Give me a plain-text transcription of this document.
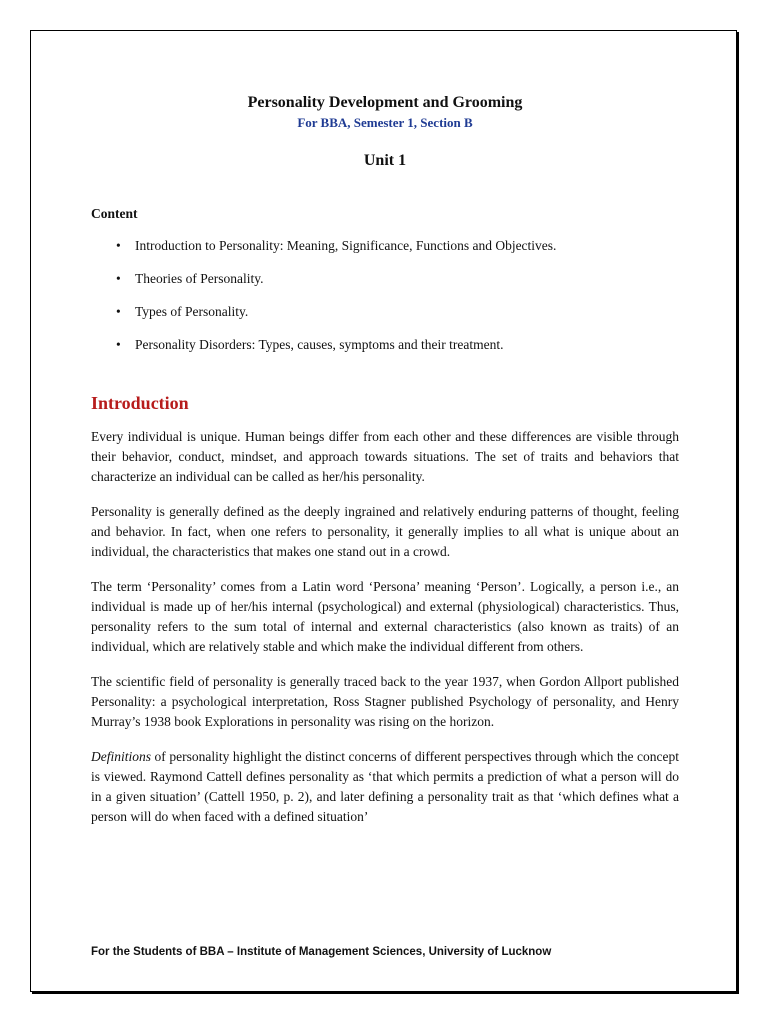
Personality Development and Grooming

For BBA, Semester 1, Section B

Unit 1

Content

• Introduction to Personality: Meaning, Significance, Functions and Objectives.
• Theories of Personality.
• Types of Personality.
• Personality Disorders: Types, causes, symptoms and their treatment.
Introduction

Every individual is unique. Human beings differ from each other and these differences are visible through their behavior, conduct, mindset, and approach towards situations. The set of traits and behaviors that characterize an individual can be called as her/his personality.

Personality is generally defined as the deeply ingrained and relatively enduring patterns of thought, feeling and behavior. In fact, when one refers to personality, it generally implies to all what is unique about an individual, the characteristics that makes one stand out in a crowd.

The term ‘Personality’ comes from a Latin word ‘Persona’ meaning ‘Person’. Logically, a person i.e., an individual is made up of her/his internal (psychological) and external (physiological) characteristics. Thus, personality refers to the sum total of internal and external characteristics (also known as traits) of an individual, which are relatively stable and which make the individual different from others.

The scientific field of personality is generally traced back to the year 1937, when Gordon Allport published Personality: a psychological interpretation, Ross Stagner published Psychology of personality, and Henry Murray’s 1938 book Explorations in personality was rising on the horizon.

Definitions of personality highlight the distinct concerns of different perspectives through which the concept is viewed. Raymond Cattell defines personality as ‘that which permits a prediction of what a person will do in a given situation’ (Cattell 1950, p. 2), and later defining a personality trait as that ‘which defines what a person will do when faced with a defined situation’

For the Students of BBA – Institute of Management Sciences, University of Lucknow
